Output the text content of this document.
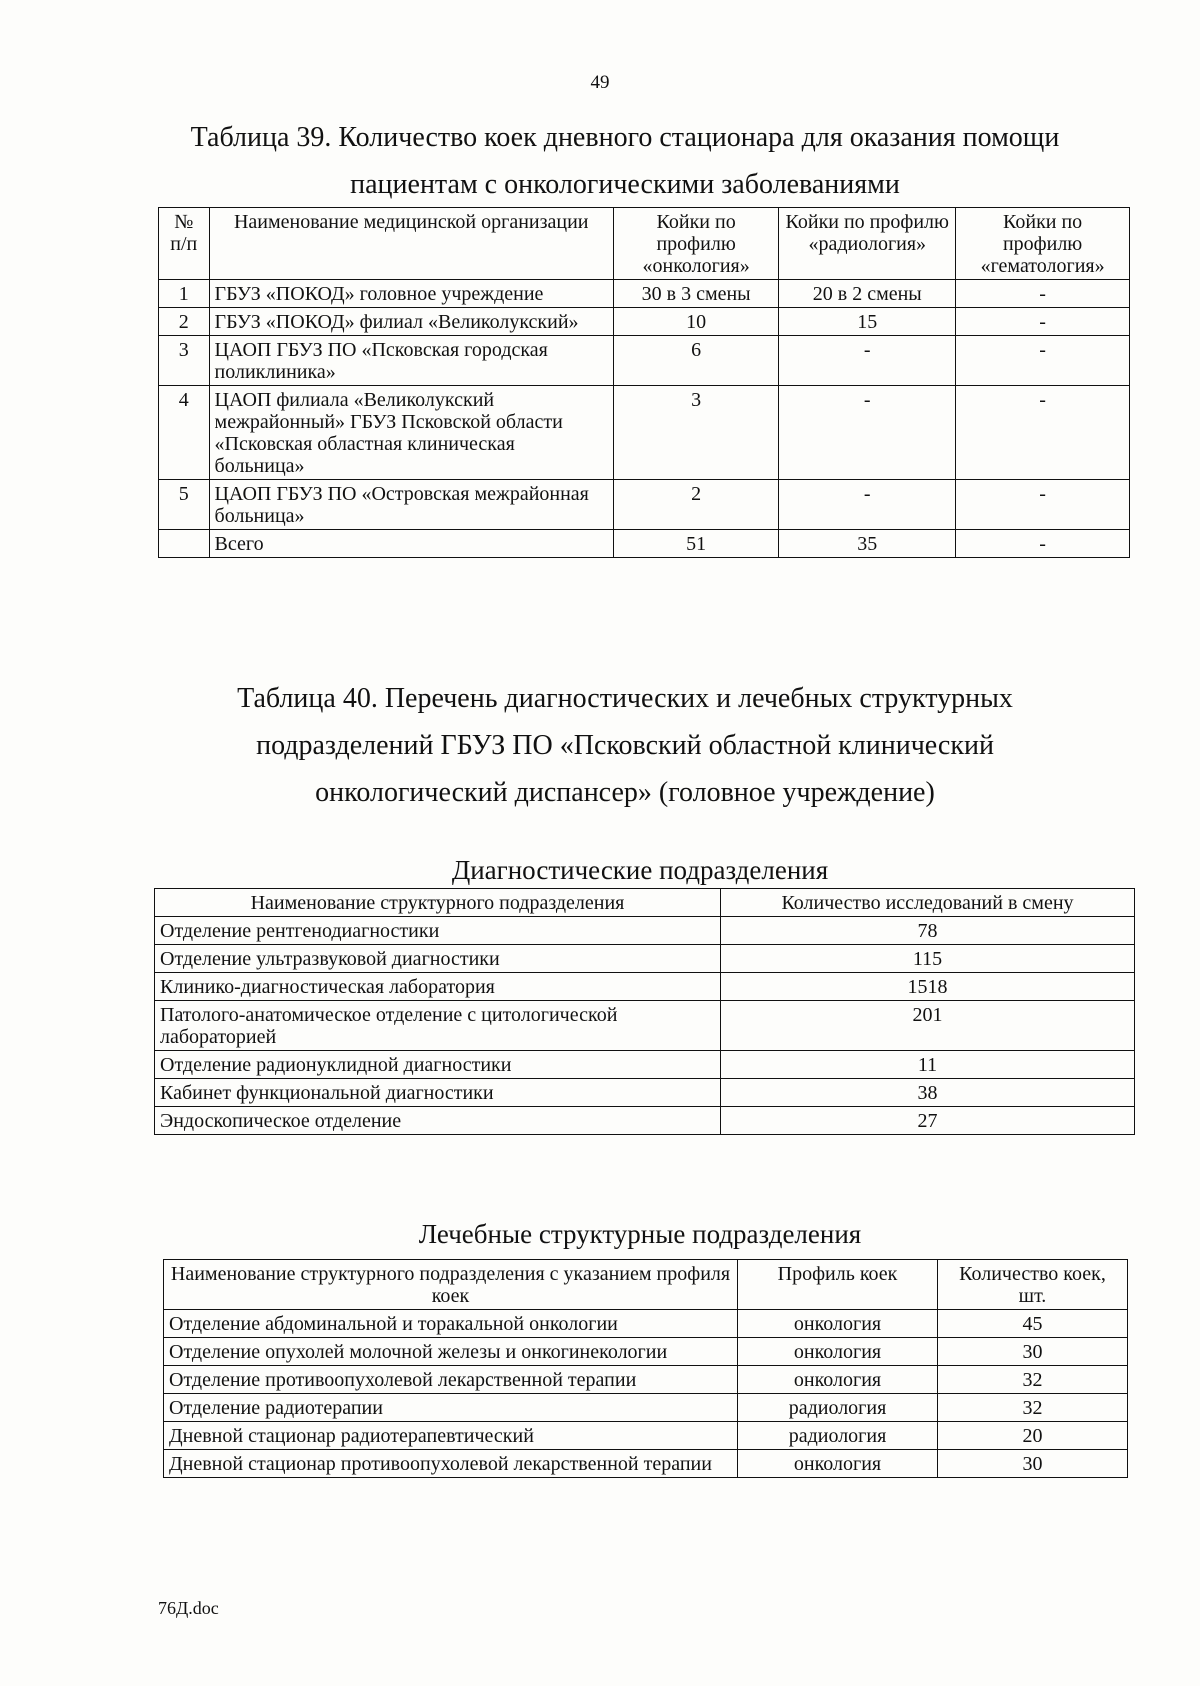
49
Таблица 39. Количество коек дневного стационара для оказания помощи
пациентам с онкологическими заболеваниями
№ п/п	Наименование медицинской организации	Койки по профилю «онкология»	Койки по профилю «радиология»	Койки по профилю «гематология»
1	ГБУЗ «ПОКОД» головное учреждение	30 в 3 смены	20 в 2 смены	-
2	ГБУЗ «ПОКОД» филиал «Великолукский»	10	15	-
3	ЦАОП ГБУЗ ПО «Псковская городская поликлиника»	6	-	-
4	ЦАОП филиала «Великолукский межрайонный» ГБУЗ Псковской области «Псковская областная клиническая больница»	3	-	-
5	ЦАОП ГБУЗ ПО «Островская межрайонная больница»	2	-	-
	Всего	51	35	-
Таблица 40. Перечень диагностических и лечебных структурных
подразделений ГБУЗ ПО «Псковский областной клинический
онкологический диспансер» (головное учреждение)
Диагностические подразделения
Наименование структурного подразделения	Количество исследований в смену
Отделение рентгенодиагностики	78
Отделение ультразвуковой диагностики	115
Клинико-диагностическая лаборатория	1518
Патолого-анатомическое отделение с цитологической лабораторией	201
Отделение радионуклидной диагностики	11
Кабинет функциональной диагностики	38
Эндоскопическое отделение	27
Лечебные структурные подразделения
Наименование структурного подразделения с указанием профиля коек	Профиль коек	Количество коек, шт.
Отделение абдоминальной и торакальной онкологии	онкология	45
Отделение опухолей молочной железы и онкогинекологии	онкология	30
Отделение противоопухолевой лекарственной терапии	онкология	32
Отделение радиотерапии	радиология	32
Дневной стационар радиотерапевтический	радиология	20
Дневной стационар противоопухолевой лекарственной терапии	онкология	30
76Д.doc
